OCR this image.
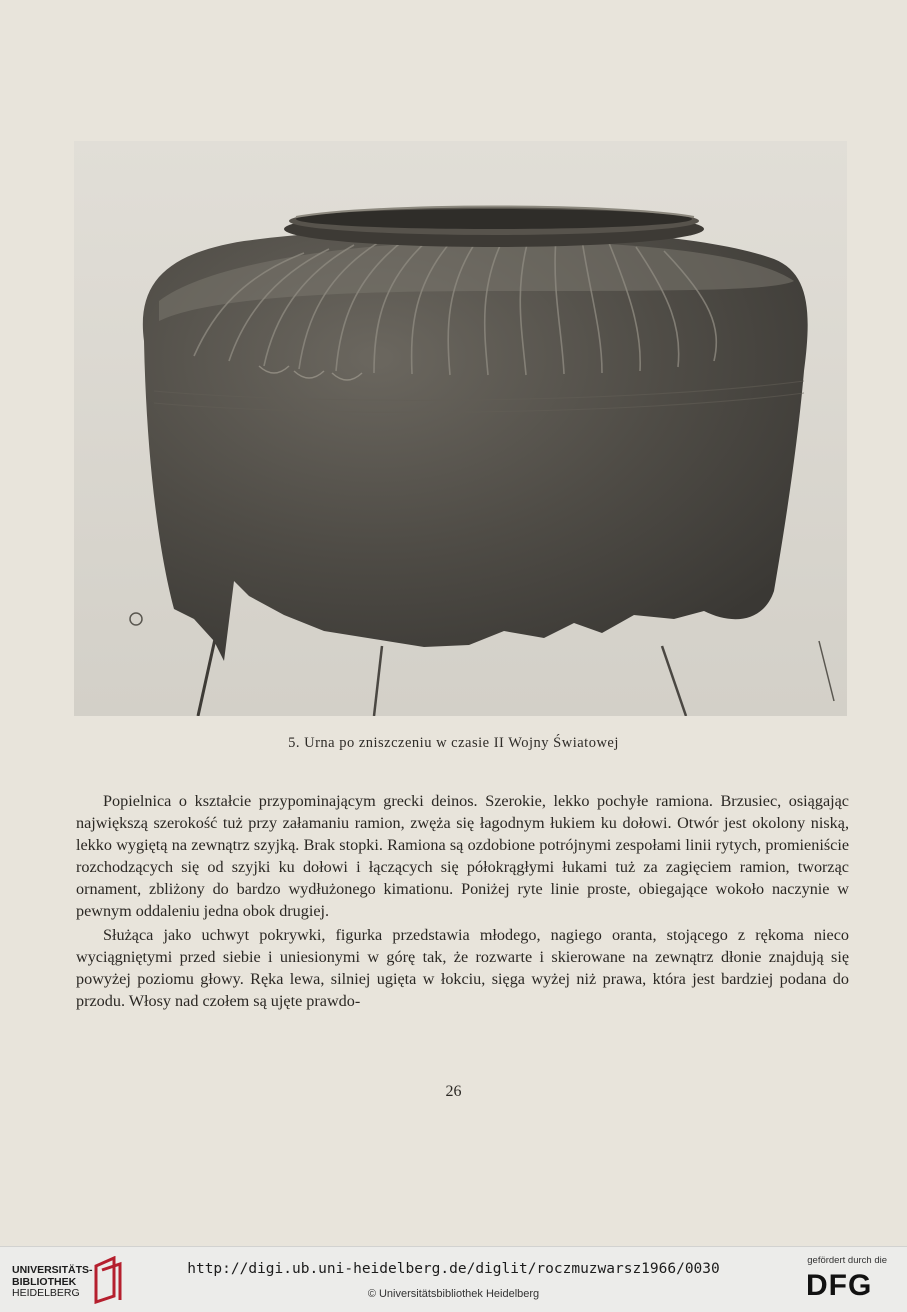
5. Urna po zniszczeniu w czasie II Wojny Światowej

Popielnica o kształcie przypominającym grecki deinos. Szerokie, lekko pochyłe ramiona. Brzusiec, osiągając największą szerokość tuż przy załamaniu ramion, zwęża się łagodnym łukiem ku dołowi. Otwór jest okolony niską, lekko wygiętą na zewnątrz szyjką. Brak stopki. Ramiona są ozdobione potrójnymi zespołami linii rytych, promieniście rozchodzących się od szyjki ku dołowi i łączących się półokrągłymi łukami tuż za zagięciem ramion, tworząc ornament, zbliżony do bardzo wydłużonego kimationu. Poniżej ryte linie proste, obiegające wokoło naczynie w pewnym oddaleniu jedna obok drugiej.

Służąca jako uchwyt pokrywki, figurka przedstawia młodego, nagiego oranta, stojącego z rękoma nieco wyciągniętymi przed siebie i uniesionymi w górę tak, że rozwarte i skierowane na zewnątrz dłonie znajdują się powyżej poziomu głowy. Ręka lewa, silniej ugięta w łokciu, sięga wyżej niż prawa, która jest bardziej podana do przodu. Włosy nad czołem są ujęte prawdo-

26
UNIVERSITÄTS-
BIBLIOTHEK
HEIDELBERG
http://digi.ub.uni-heidelberg.de/diglit/roczmuzwarsz1966/0030
© Universitätsbibliothek Heidelberg
gefördert durch die
DFG
